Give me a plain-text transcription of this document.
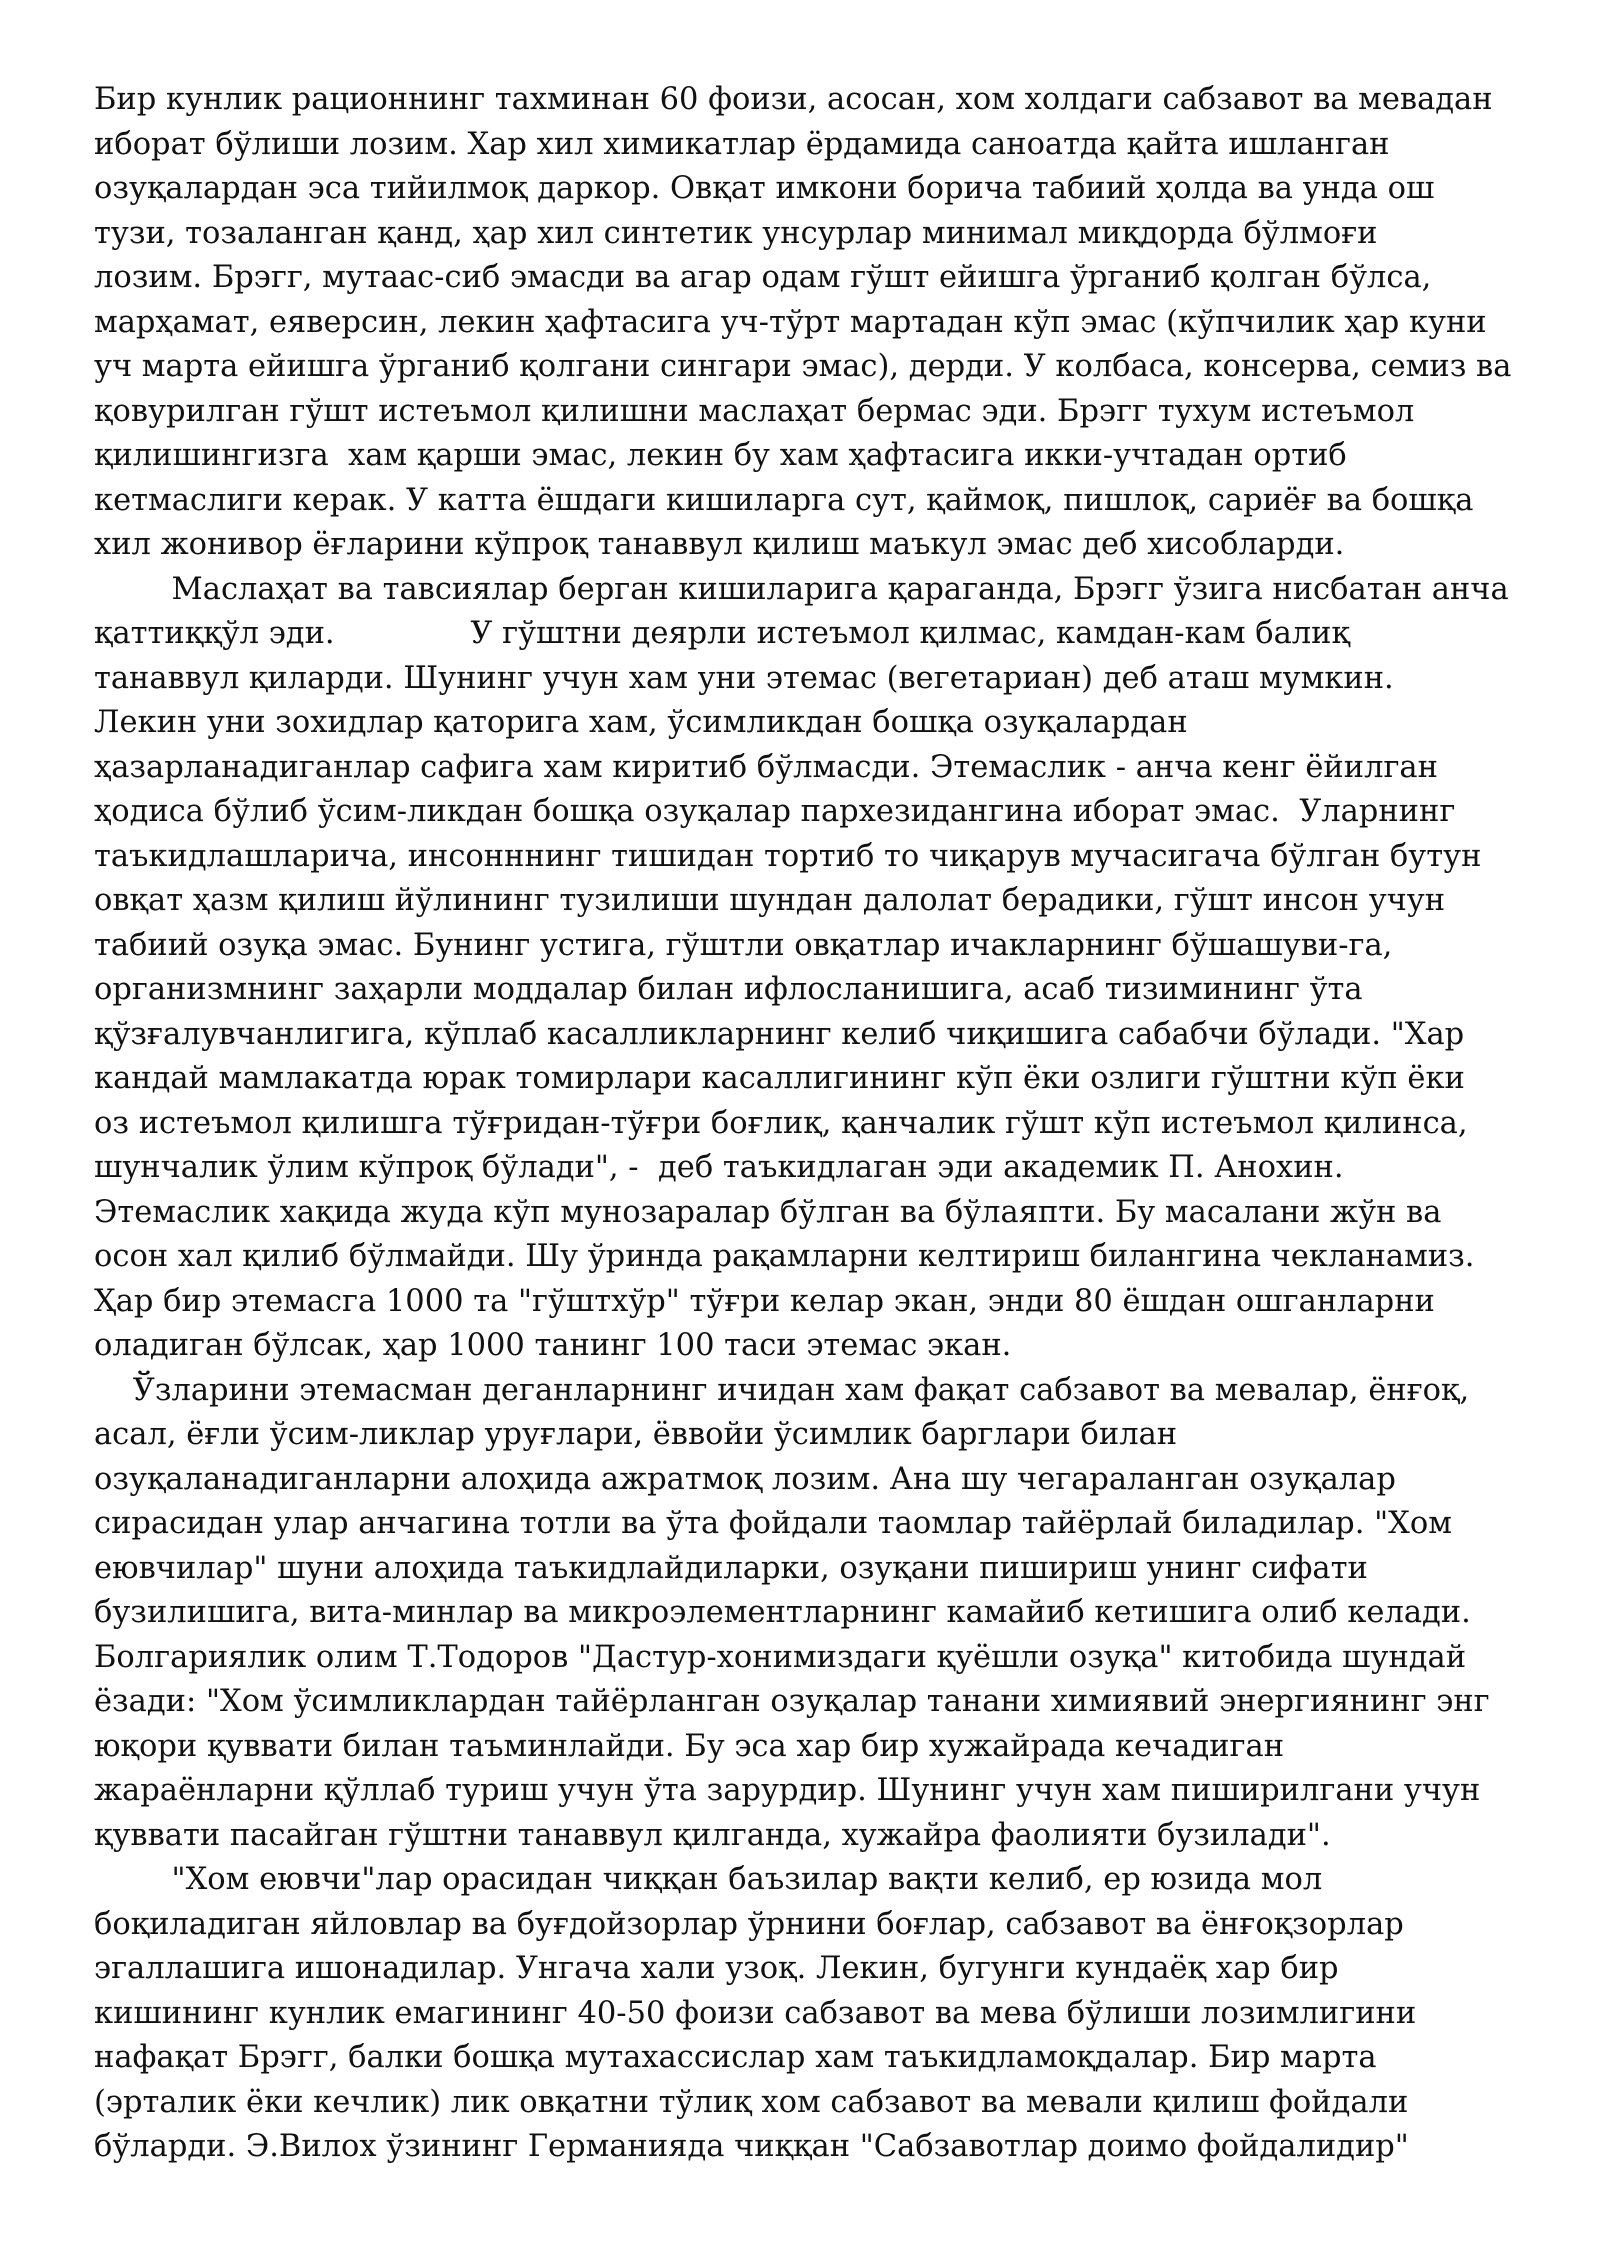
Бир кунлик рационнинг тахминан 60 фоизи, асосан, хом холдаги сабзавот ва мевадан
иборат бўлиши лозим. Хар хил химикатлар ёрдамида саноатда қайта ишланган
озуқалардан эса тийилмоқ даркор. Овқат имкони борича табиий ҳолда ва унда ош
тузи, тозаланган қанд, ҳар хил синтетик унсурлар минимал миқдорда бўлмоғи
лозим. Брэгг, мутаас-сиб эмасди ва агар одам гўшт ейишга ўрганиб қолган бўлса,
марҳамат, еяверсин, лекин ҳафтасига уч-тўрт мартадан кўп эмас (кўпчилик ҳар куни
уч марта ейишга ўрганиб қолгани сингари эмас), дерди. У колбаса, консерва, семиз ва
қовурилган гўшт истеъмол қилишни маслаҳат бермас эди. Брэгг тухум истеъмол
қилишингизга  хам қарши эмас, лекин бу хам ҳафтасига икки-учтадан ортиб
кетмаслиги керак. У катта ёшдаги кишиларга сут, қаймоқ, пишлоқ, сариёғ ва бошқа
хил жонивор ёғларини кўпроқ танаввул қилиш маъкул эмас деб хисобларди.
Маслаҳат ва тавсиялар берган кишиларига қараганда, Брэгг ўзига нисбатан анча
қаттиққўл эди.              У гўштни деярли истеъмол қилмас, камдан-кам балиқ
танаввул қиларди. Шунинг учун хам уни этемас (вегетариан) деб аташ мумкин.
Лекин уни зохидлар қаторига хам, ўсимликдан бошқа озуқалардан
ҳазарланадиганлар сафига хам киритиб бўлмасди. Этемаслик - анча кенг ёйилган
ҳодиса бўлиб ўсим-ликдан бошқа озуқалар пархезидангина иборат эмас.  Уларнинг
таъкидлашларича, инсонннинг тишидан тортиб то чиқарув мучасигача бўлган бутун
овқат ҳазм қилиш йўлининг тузилиши шундан далолат берадики, гўшт инсон учун
табиий озуқа эмас. Бунинг устига, гўштли овқатлар ичакларнинг бўшашуви-га,
организмнинг заҳарли моддалар билан ифлосланишига, асаб тизимининг ўта
қўзғалувчанлигига, кўплаб касалликларнинг келиб чиқишига сабабчи бўлади. "Хар
кандай мамлакатда юрак томирлари касаллигининг кўп ёки озлиги гўштни кўп ёки
оз истеъмол қилишга тўғридан-тўғри боғлиқ, қанчалик гўшт кўп истеъмол қилинса,
шунчалик ўлим кўпроқ бўлади", -  деб таъкидлаган эди академик П. Анохин.
Этемаслик хақида жуда кўп мунозаралар бўлган ва бўлаяпти. Бу масалани жўн ва
осон хал қилиб бўлмайди. Шу ўринда рақамларни келтириш билангина чекланамиз.
Ҳар бир этемасга 1000 та "гўштхўр" тўғри келар экан, энди 80 ёшдан ошганларни
оладиган бўлсак, ҳар 1000 танинг 100 таси этемас экан.
Ўзларини этемасман деганларнинг ичидан хам фақат сабзавот ва мевалар, ёнғоқ,
асал, ёғли ўсим-ликлар уруғлари, ёввойи ўсимлик барглари билан
озуқаланадиганларни алоҳида ажратмоқ лозим. Ана шу чегараланган озуқалар
сирасидан улар анчагина тотли ва ўта фойдали таомлар тайёрлай биладилар. "Хом
еювчилар" шуни алоҳида таъкидлайдиларки, озуқани пишириш унинг сифати
бузилишига, вита-минлар ва микроэлементларнинг камайиб кетишига олиб келади.
Болгариялик олим Т.Тодоров "Дастур-хонимиздаги қуёшли озуқа" китобида шундай
ёзади: "Хом ўсимликлардан тайёрланган озуқалар танани химиявий энергиянинг энг
юқори қуввати билан таъминлайди. Бу эса хар бир хужайрада кечадиган
жараёнларни қўллаб туриш учун ўта зарурдир. Шунинг учун хам пиширилгани учун
қуввати пасайган гўштни танаввул қилганда, хужайра фаолияти бузилади".
"Хом еювчи"лар орасидан чиққан баъзилар вақти келиб, ер юзида мол
боқиладиган яйловлар ва буғдойзорлар ўрнини боғлар, сабзавот ва ёнғоқзорлар
эгаллашига ишонадилар. Унгача хали узоқ. Лекин, бугунги кундаёқ хар бир
кишининг кунлик емагининг 40-50 фоизи сабзавот ва мева бўлиши лозимлигини
нафақат Брэгг, балки бошқа мутахассислар хам таъкидламоқдалар. Бир марта
(эрталик ёки кечлик) лик овқатни тўлиқ хом сабзавот ва мевали қилиш фойдали
бўларди. Э.Вилох ўзининг Германияда чиққан "Сабзавотлар доимо фойдалидир"
